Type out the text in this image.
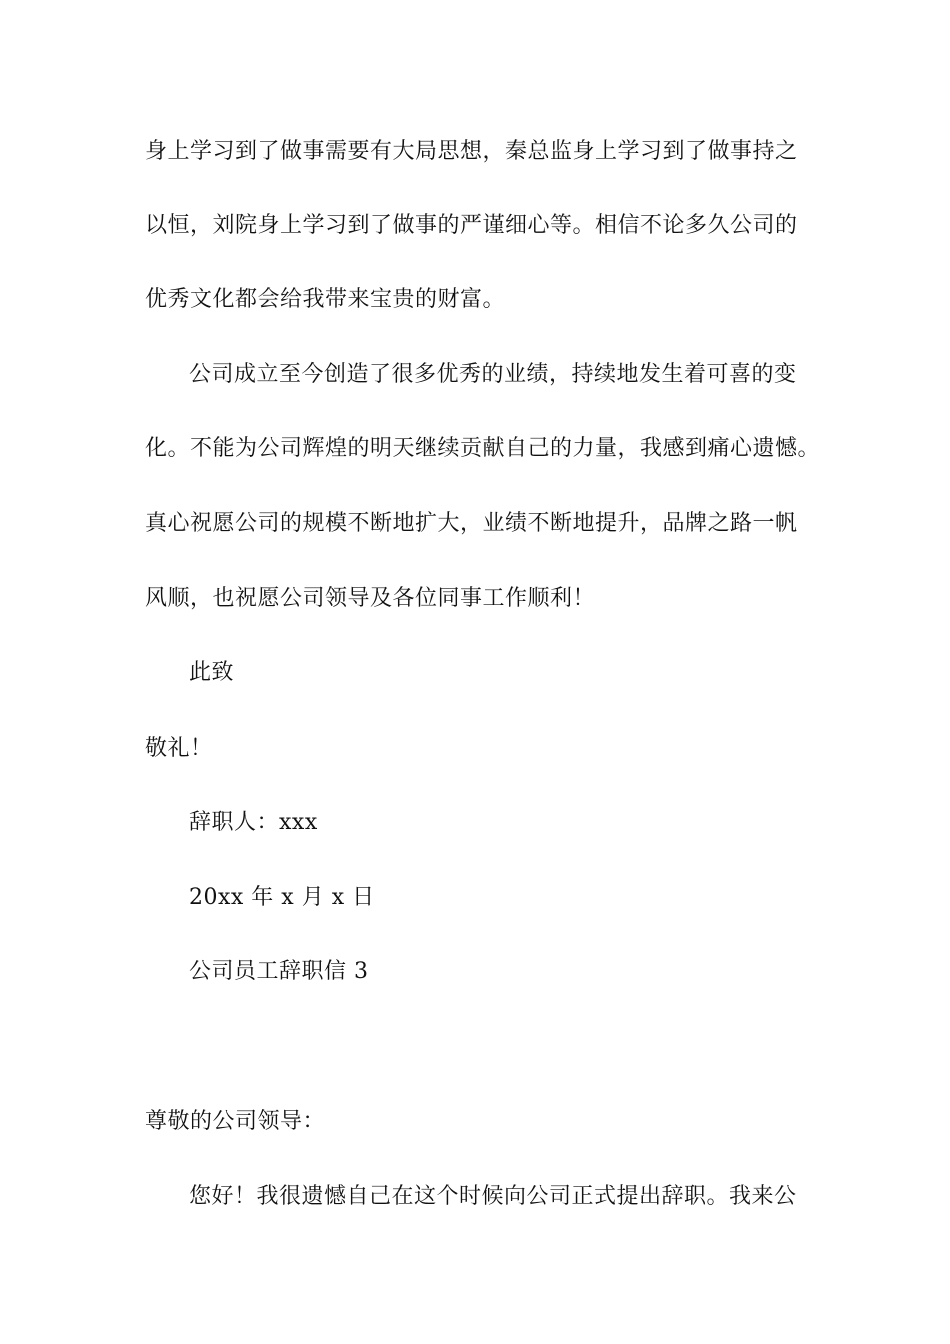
身上学习到了做事需要有大局思想，秦总监身上学习到了做事持之
以恒，刘院身上学习到了做事的严谨细心等。相信不论多久公司的
优秀文化都会给我带来宝贵的财富。
公司成立至今创造了很多优秀的业绩，持续地发生着可喜的变
化。不能为公司辉煌的明天继续贡献自己的力量，我感到痛心遗憾。
真心祝愿公司的规模不断地扩大，业绩不断地提升，品牌之路一帆
风顺，也祝愿公司领导及各位同事工作顺利！
此致
敬礼！
辞职人：xxx
20xx 年 x 月 x 日
公司员工辞职信 3
尊敬的公司领导：
您好！我很遗憾自己在这个时候向公司正式提出辞职。我来公
